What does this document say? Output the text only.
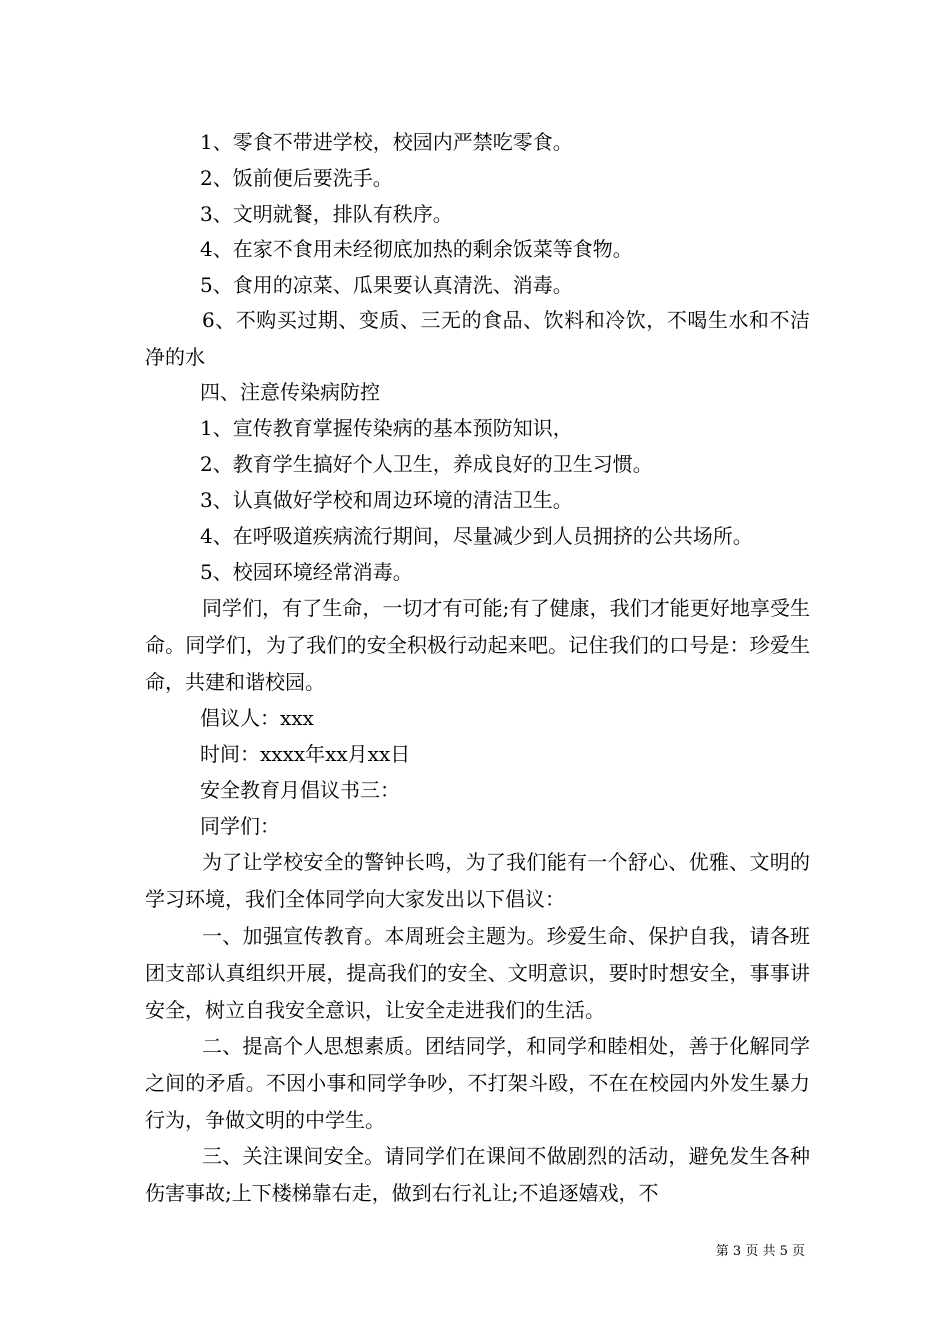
1、零食不带进学校，校园内严禁吃零食。

2、饭前便后要洗手。

3、文明就餐，排队有秩序。

4、在家不食用未经彻底加热的剩余饭菜等食物。

5、食用的凉菜、瓜果要认真清洗、消毒。

6、不购买过期、变质、三无的食品、饮料和冷饮，不喝生水和不洁净的水

四、注意传染病防控

1、宣传教育掌握传染病的基本预防知识，

2、教育学生搞好个人卫生，养成良好的卫生习惯。

3、认真做好学校和周边环境的清洁卫生。

4、在呼吸道疾病流行期间，尽量减少到人员拥挤的公共场所。

5、校园环境经常消毒。

同学们，有了生命，一切才有可能;有了健康，我们才能更好地享受生命。同学们，为了我们的安全积极行动起来吧。记住我们的口号是：珍爱生命，共建和谐校园。

倡议人：xxx

时间：xxxx年xx月xx日

安全教育月倡议书三：

同学们：

为了让学校安全的警钟长鸣，为了我们能有一个舒心、优雅、文明的学习环境，我们全体同学向大家发出以下倡议：

一、加强宣传教育。本周班会主题为。珍爱生命、保护自我，请各班团支部认真组织开展，提高我们的安全、文明意识，要时时想安全，事事讲安全，树立自我安全意识，让安全走进我们的生活。

二、提高个人思想素质。团结同学，和同学和睦相处，善于化解同学之间的矛盾。不因小事和同学争吵，不打架斗殴，不在在校园内外发生暴力行为，争做文明的中学生。

三、关注课间安全。请同学们在课间不做剧烈的活动，避免发生各种伤害事故;上下楼梯靠右走，做到右行礼让;不追逐嬉戏，不

第 3 页 共 5 页
